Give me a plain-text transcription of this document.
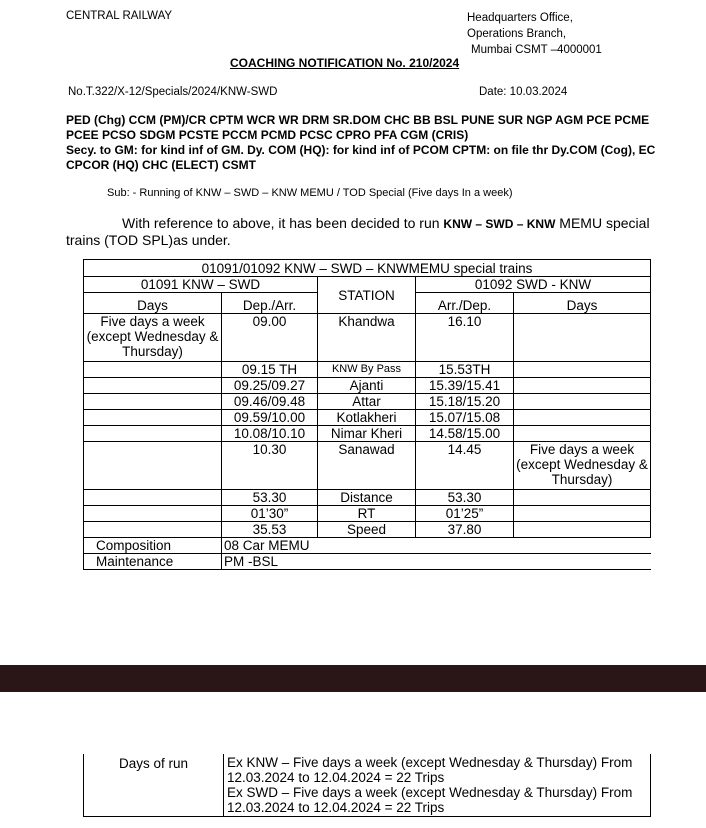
CENTRAL RAILWAY	Headquarters Office,
Operations Branch,
Mumbai CSMT –4000001
COACHING NOTIFICATION No. 210/2024
No.T.322/X-12/Specials/2024/KNW-SWD	Date: 10.03.2024
PED (Chg) CCM (PM)/CR CPTM WCR WR DRM SR.DOM CHC BB BSL PUNE SUR NGP AGM PCE PCME
PCEE PCSO SDGM PCSTE PCCM PCMD PCSC CPRO PFA CGM (CRIS)
Secy. to GM: for kind inf of GM. Dy. COM (HQ): for kind inf of PCOM CPTM: on file thr Dy.COM (Cog), EC
CPCOR (HQ) CHC (ELECT) CSMT
Sub: - Running of KNW – SWD – KNW MEMU / TOD Special (Five days In a week)
With reference to above, it has been decided to run KNW – SWD – KNW MEMU special
trains (TOD SPL)as under.
01091/01092 KNW – SWD – KNWMEMU special trains				
01091 KNW – SWD		STATION	01092 SWD - KNW	
Days	Dep./Arr.		Arr./Dep.	Days
Five days a week (except Wednesday & Thursday)	09.00	Khandwa	16.10	
	09.15 TH	KNW By Pass	15.53TH	
	09.25/09.27	Ajanti	15.39/15.41	
	09.46/09.48	Attar	15.18/15.20	
	09.59/10.00	Kotlakheri	15.07/15.08	
	10.08/10.10	Nimar Kheri	14.58/15.00	
	10.30	Sanawad	14.45	Five days a week (except Wednesday & Thursday)
	53.30	Distance	53.30	
	01’30”	RT	01’25”	
	35.53	Speed	37.80	
Composition	08 Car MEMU			
Maintenance	PM -BSL			
Days of run	Ex KNW – Five days a week (except Wednesday & Thursday) From
12.03.2024 to 12.04.2024 = 22 Trips
Ex SWD – Five days a week (except Wednesday & Thursday) From
12.03.2024 to 12.04.2024 = 22 Trips
